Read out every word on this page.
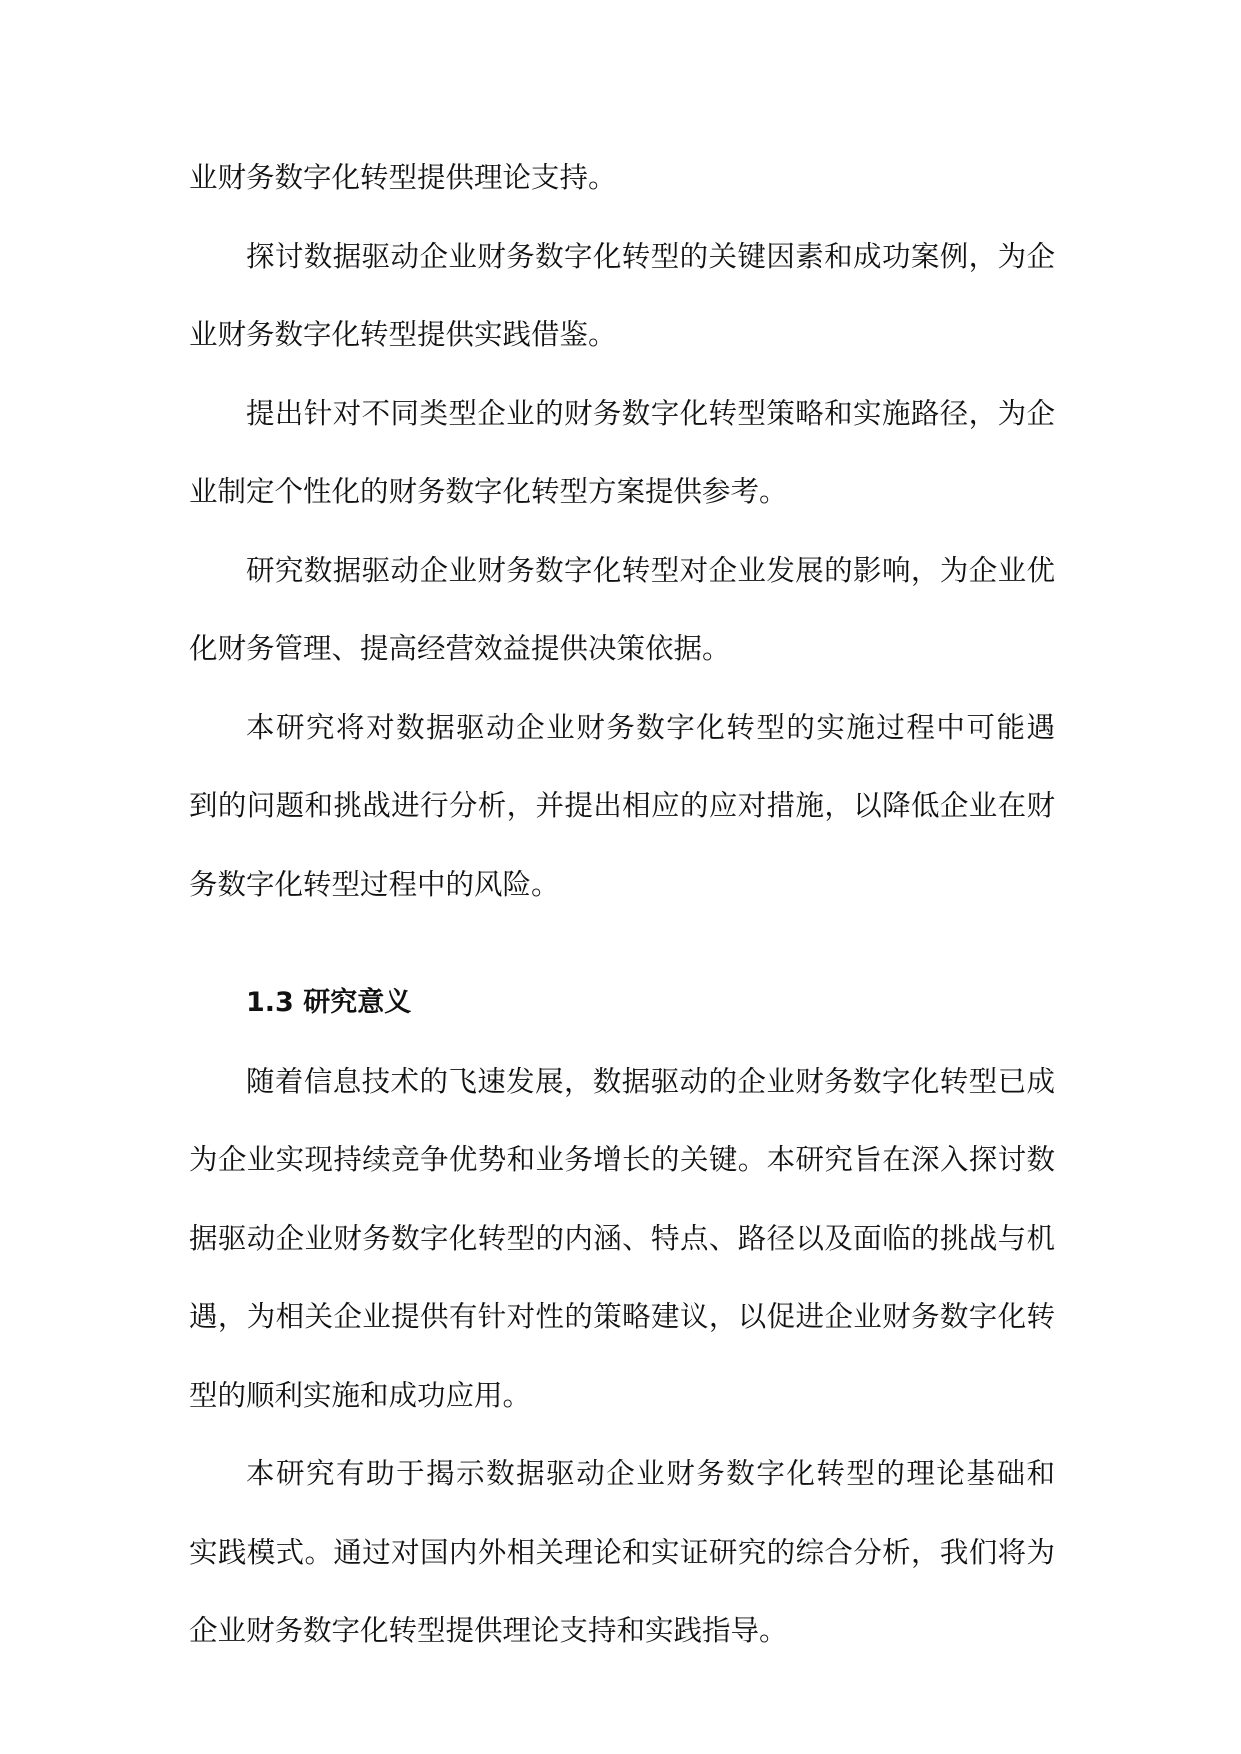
业财务数字化转型提供理论支持。
探讨数据驱动企业财务数字化转型的关键因素和成功案例，为企
业财务数字化转型提供实践借鉴。
提出针对不同类型企业的财务数字化转型策略和实施路径，为企
业制定个性化的财务数字化转型方案提供参考。
研究数据驱动企业财务数字化转型对企业发展的影响，为企业优
化财务管理、提高经营效益提供决策依据。
本研究将对数据驱动企业财务数字化转型的实施过程中可能遇
到的问题和挑战进行分析，并提出相应的应对措施，以降低企业在财
务数字化转型过程中的风险。
1.3 研究意义
随着信息技术的飞速发展，数据驱动的企业财务数字化转型已成
为企业实现持续竞争优势和业务增长的关键。本研究旨在深入探讨数
据驱动企业财务数字化转型的内涵、特点、路径以及面临的挑战与机
遇，为相关企业提供有针对性的策略建议，以促进企业财务数字化转
型的顺利实施和成功应用。
本研究有助于揭示数据驱动企业财务数字化转型的理论基础和
实践模式。通过对国内外相关理论和实证研究的综合分析，我们将为
企业财务数字化转型提供理论支持和实践指导。
